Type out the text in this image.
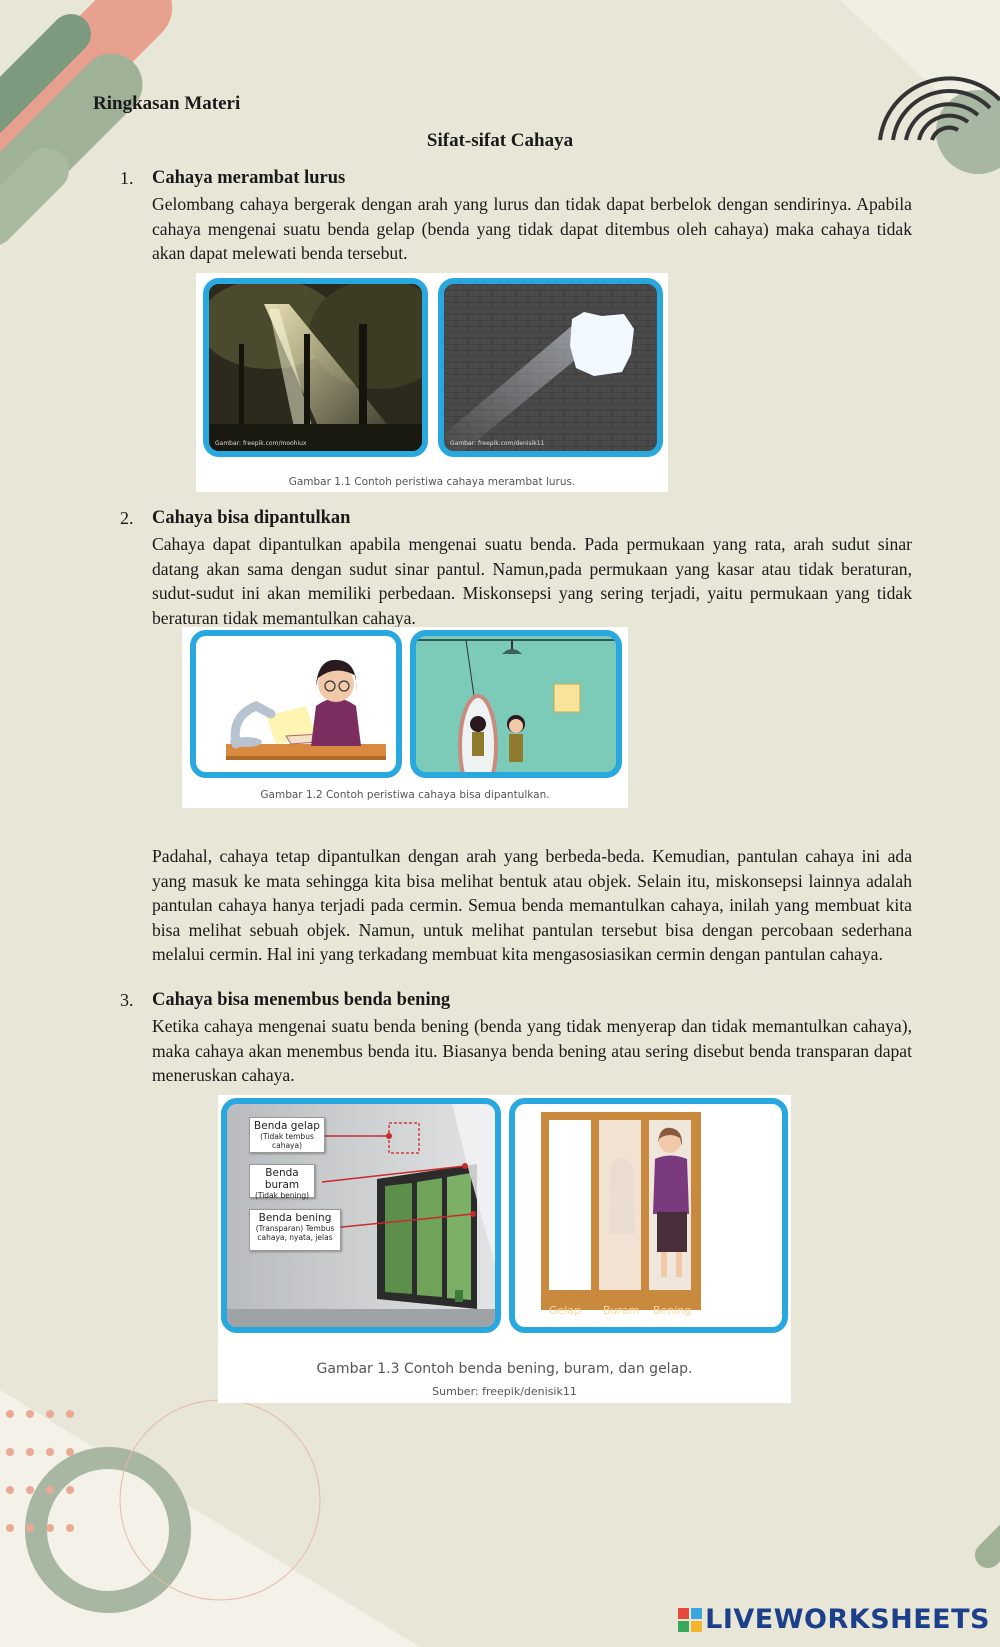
Ringkasan Materi
Sifat-sifat Cahaya
1. Cahaya merambat lurus
Gelombang cahaya bergerak dengan arah yang lurus dan tidak dapat berbelok dengan sendirinya. Apabila cahaya mengenai suatu benda gelap (benda yang tidak dapat ditembus oleh cahaya) maka cahaya tidak akan dapat melewati benda tersebut.
Gambar: freepik.com/moohiux	Gambar: freepik.com/denisik11
Gambar 1.1 Contoh peristiwa cahaya merambat lurus.
2. Cahaya bisa dipantulkan
Cahaya dapat dipantulkan apabila mengenai suatu benda. Pada permukaan yang rata, arah sudut sinar datang akan sama dengan sudut sinar pantul. Namun,pada permukaan yang kasar atau tidak beraturan, sudut-sudut ini akan memiliki perbedaan. Miskonsepsi yang sering terjadi, yaitu permukaan yang tidak beraturan tidak memantulkan cahaya.
Gambar 1.2 Contoh peristiwa cahaya bisa dipantulkan.
Padahal, cahaya tetap dipantulkan dengan arah yang berbeda-beda. Kemudian, pantulan cahaya ini ada yang masuk ke mata sehingga kita bisa melihat bentuk atau objek. Selain itu, miskonsepsi lainnya adalah pantulan cahaya hanya terjadi pada cermin. Semua benda memantulkan cahaya, inilah yang membuat kita bisa melihat sebuah objek. Namun, untuk melihat pantulan tersebut bisa dengan percobaan sederhana melalui cermin. Hal ini yang terkadang membuat kita mengasosiasikan cermin dengan pantulan cahaya.
3. Cahaya bisa menembus benda bening
Ketika cahaya mengenai suatu benda bening (benda yang tidak menyerap dan tidak memantulkan cahaya), maka cahaya akan menembus benda itu. Biasanya benda bening atau sering disebut benda transparan dapat meneruskan cahaya.
Benda gelap
(Tidak tembus cahaya)
Benda buram
(Tidak bening)
Benda bening
(Transparan) Tembus cahaya, nyata, jelas
Gelap Buram Bening
Gambar 1.3 Contoh benda bening, buram, dan gelap.
Sumber: freepik/denisik11
LIVEWORKSHEETS
